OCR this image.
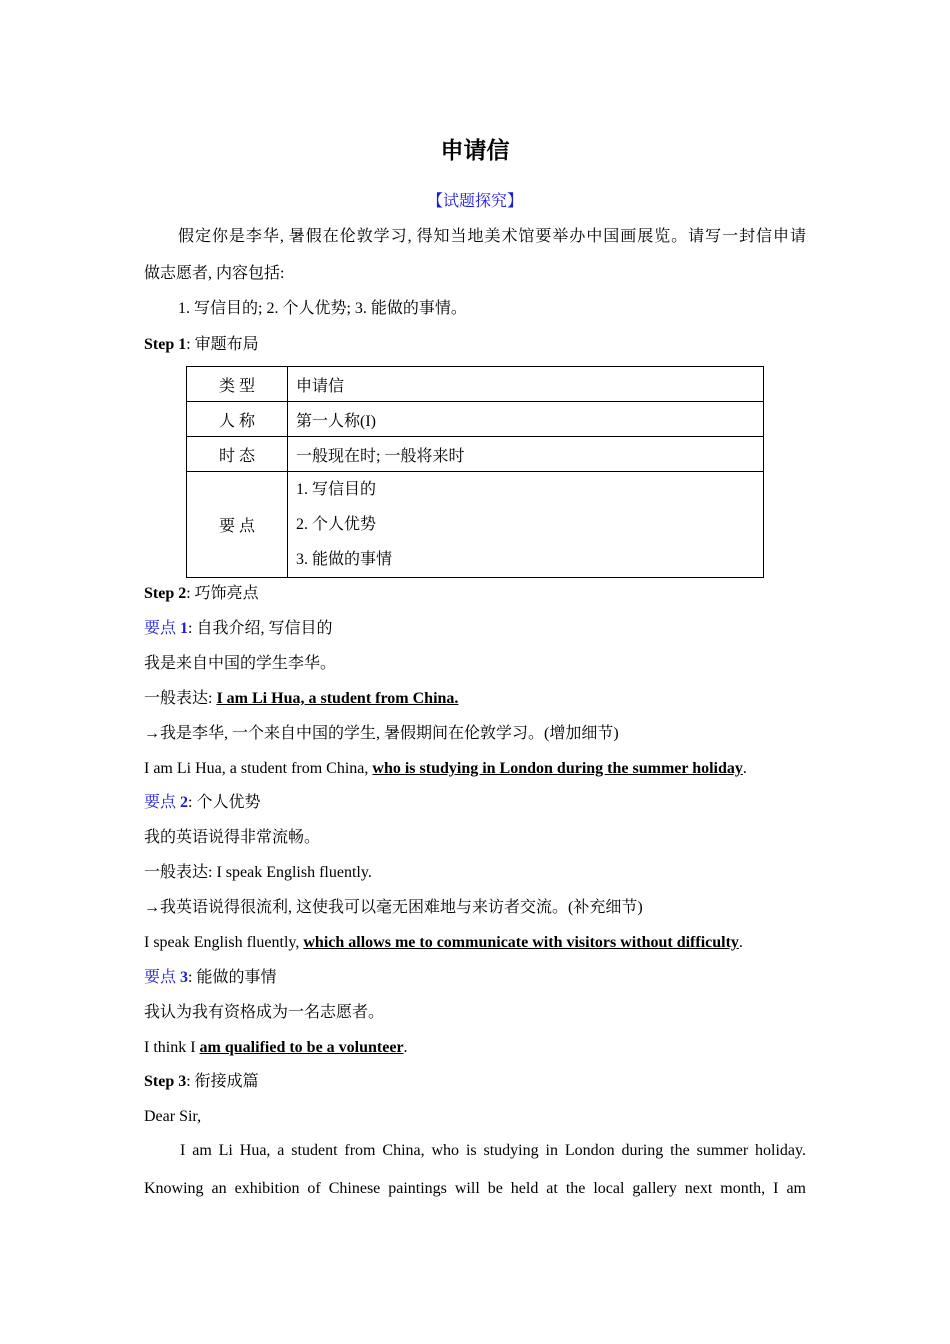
申请信
【试题探究】
假定你是李华, 暑假在伦敦学习, 得知当地美术馆要举办中国画展览。请写一封信申请
做志愿者, 内容包括:
1. 写信目的; 2. 个人优势; 3. 能做的事情。
Step 1: 审题布局
类 型	申请信
人 称	第一人称(I)
时 态	一般现在时; 一般将来时
要 点	1. 写信目的
2. 个人优势
3. 能做的事情
Step 2: 巧饰亮点
要点 1: 自我介绍, 写信目的
我是来自中国的学生李华。
一般表达: I am Li Hua, a student from China.
→我是李华, 一个来自中国的学生, 暑假期间在伦敦学习。(增加细节)
I am Li Hua, a student from China, who is studying in London during the summer holiday.
要点 2: 个人优势
我的英语说得非常流畅。
一般表达: I speak English fluently.
→我英语说得很流利, 这使我可以毫无困难地与来访者交流。(补充细节)
I speak English fluently, which allows me to communicate with visitors without difficulty.
要点 3: 能做的事情
我认为我有资格成为一名志愿者。
I think I am qualified to be a volunteer.
Step 3: 衔接成篇
Dear Sir,
I am Li Hua, a student from China, who is studying in London during the summer holiday.
Knowing an exhibition of Chinese paintings will be held at the local gallery next month, I am
